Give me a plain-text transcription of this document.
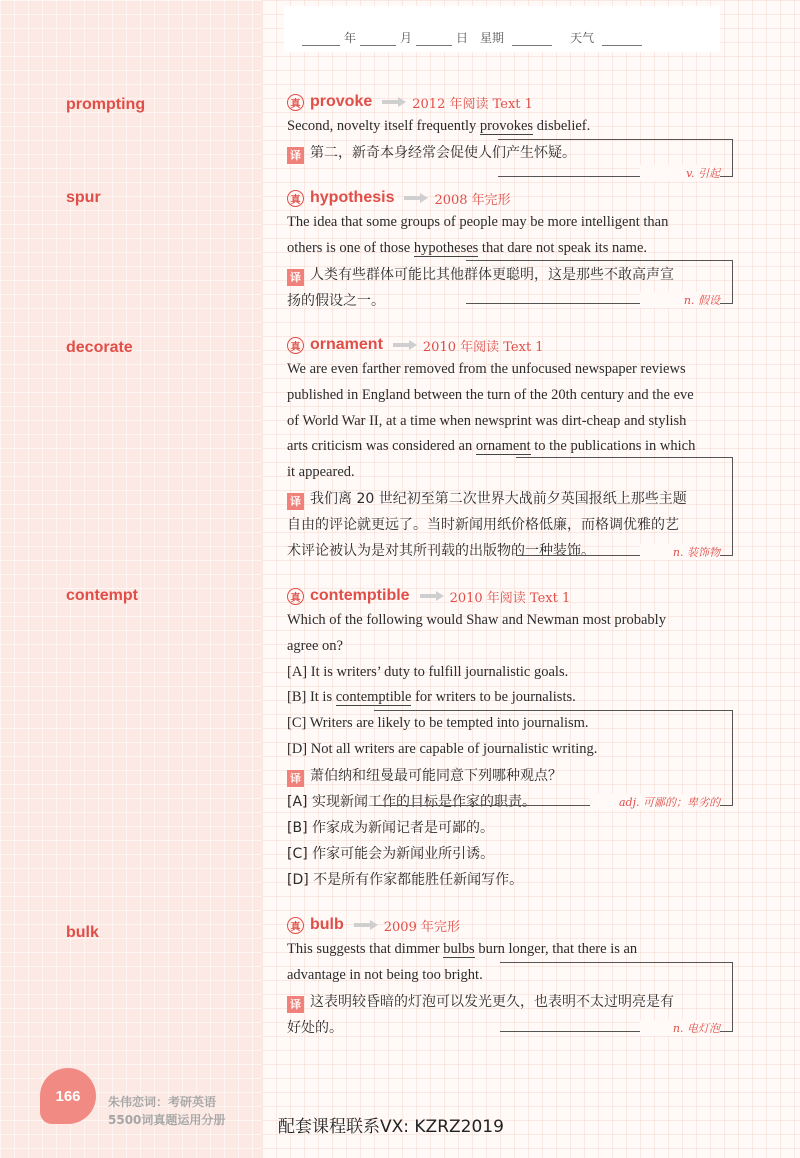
年	月	日 星期	天气
prompting	真 provoke	2012 年阅读 Text 1

Second, novelty itself frequently provokes disbelief.

译 第二，新奇本身经常会促使人们产生怀疑。

v. 引起
spur	真 hypothesis	2008 年完形

The idea that some groups of people may be more intelligent than

others is one of those hypotheses that dare not speak its name.

译 人类有些群体可能比其他群体更聪明，这是那些不敢高声宣

扬的假设之一。	n. 假设
decorate	真 ornament	2010 年阅读 Text 1

We are even farther removed from the unfocused newspaper reviews

published in England between the turn of the 20th century and the eve

of World War II, at a time when newsprint was dirt-cheap and stylish

arts criticism was considered an ornament to the publications in which

it appeared.

译 我们离 20 世纪初至第二次世界大战前夕英国报纸上那些主题

自由的评论就更远了。当时新闻用纸价格低廉，而格调优雅的艺

术评论被认为是对其所刊载的出版物的一种装饰。	n. 装饰物
contempt	真 contemptible	2010 年阅读 Text 1

Which of the following would Shaw and Newman most probably

agree on?

[A] It is writers’ duty to fulfill journalistic goals.

[B] It is contemptible for writers to be journalists.

[C] Writers are likely to be tempted into journalism.

[D] Not all writers are capable of journalistic writing.

译 萧伯纳和纽曼最可能同意下列哪种观点？

[A] 实现新闻工作的目标是作家的职责。

[B] 作家成为新闻记者是可鄙的。

[C] 作家可能会为新闻业所引诱。

[D] 不是所有作家都能胜任新闻写作。

adj. 可鄙的；卑劣的
bulk	真 bulb	2009 年完形

This suggests that dimmer bulbs burn longer, that there is an

advantage in not being too bright.

译 这表明较昏暗的灯泡可以发光更久，也表明不太过明亮是有

好处的。	n. 电灯泡
166	朱伟恋词：考研英语
5500词真题运用分册	配套课程联系VX: KZRZ2019
